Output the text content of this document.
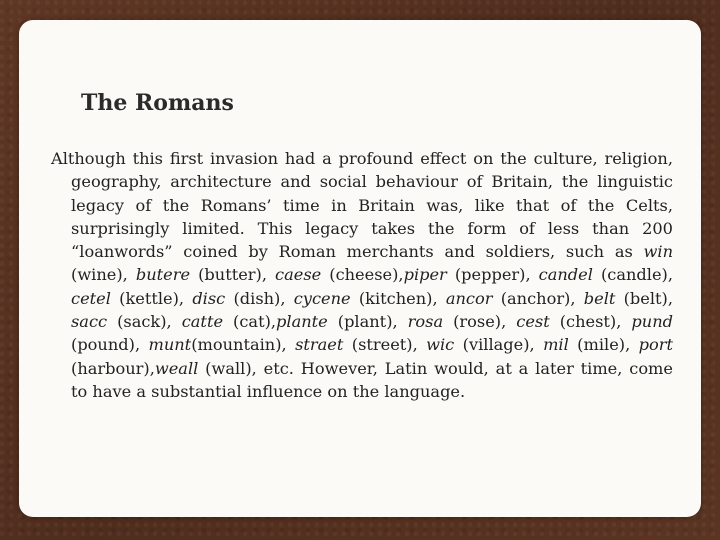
The Romans

Although this first invasion had a profound effect on the culture, religion, geography, architecture and social behaviour of Britain, the linguistic legacy of the Romans’ time in Britain was, like that of the Celts, surprisingly limited. This legacy takes the form of less than 200 “loanwords” coined by Roman merchants and soldiers, such as win (wine), butere (butter), caese (cheese),piper (pepper), candel (candle), cetel (kettle), disc (dish), cycene (kitchen), ancor (anchor), belt (belt), sacc (sack), catte (cat),plante (plant), rosa (rose), cest (chest), pund (pound), munt(mountain), straet (street), wic (village), mil (mile), port (harbour),weall (wall), etc. However, Latin would, at a later time, come to have a substantial influence on the language.
